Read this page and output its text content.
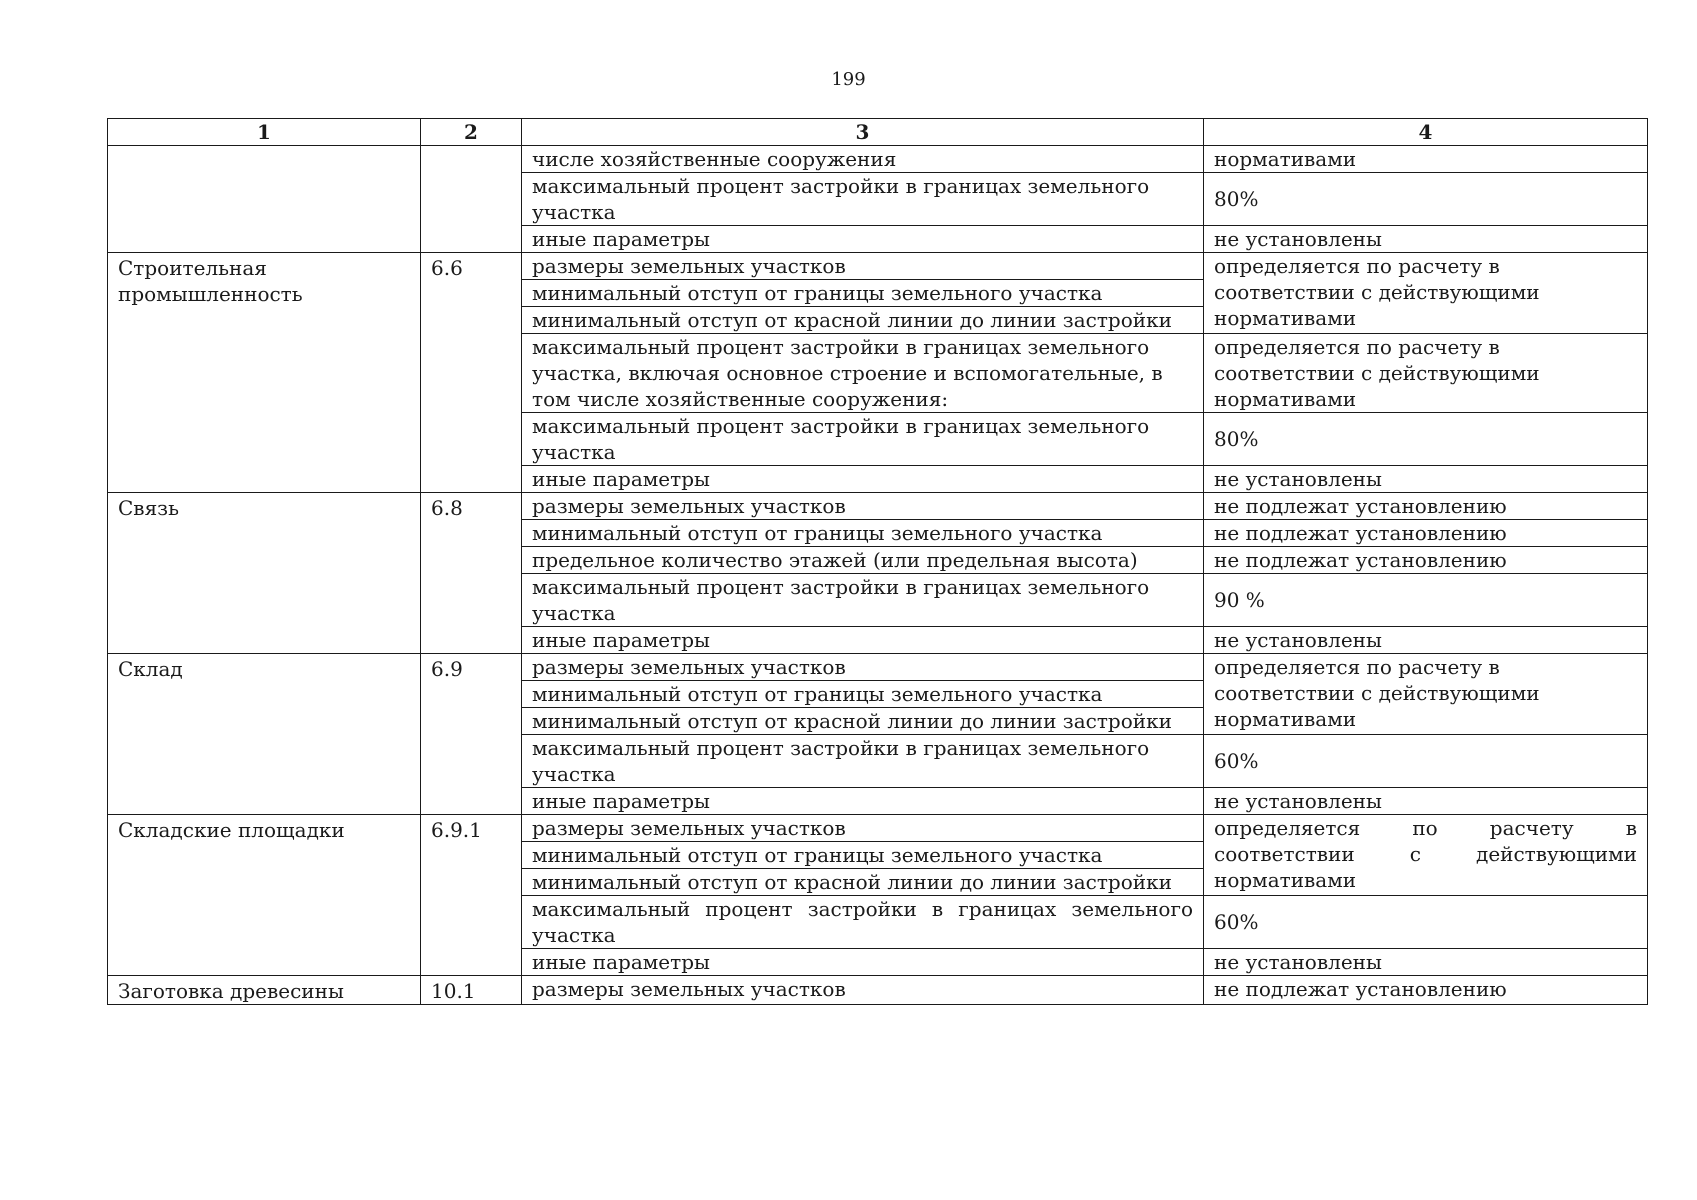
199
1	2	3	4
		числе хозяйственные сооружения	нормативами
		максимальный процент застройки в границах земельного участка	80%
		иные параметры	не установлены
Строительная промышленность	6.6	размеры земельных участков	определяется по расчету в соответствии с действующими нормативами
		минимальный отступ от границы земельного участка	
		минимальный отступ от красной линии до линии застройки	
		максимальный процент застройки в границах земельного участка, включая основное строение и вспомогательные, в том числе хозяйственные сооружения:	определяется по расчету в соответствии с действующими нормативами
		максимальный процент застройки в границах земельного участка	80%
		иные параметры	не установлены
Связь	6.8	размеры земельных участков	не подлежат установлению
		минимальный отступ от границы земельного участка	не подлежат установлению
		предельное количество этажей (или предельная высота)	не подлежат установлению
		максимальный процент застройки в границах земельного участка	90 %
		иные параметры	не установлены
Склад	6.9	размеры земельных участков	определяется по расчету в соответствии с действующими нормативами
		минимальный отступ от границы земельного участка	
		минимальный отступ от красной линии до линии застройки	
		максимальный процент застройки в границах земельного участка	60%
		иные параметры	не установлены
Складские площадки	6.9.1	размеры земельных участков	определяется по расчету в соответствии с действующими нормативами
		минимальный отступ от границы земельного участка	
		минимальный отступ от красной линии до линии застройки	
		максимальный процент застройки в границах земельного участка	60%
		иные параметры	не установлены
Заготовка древесины	10.1	размеры земельных участков	не подлежат установлению
